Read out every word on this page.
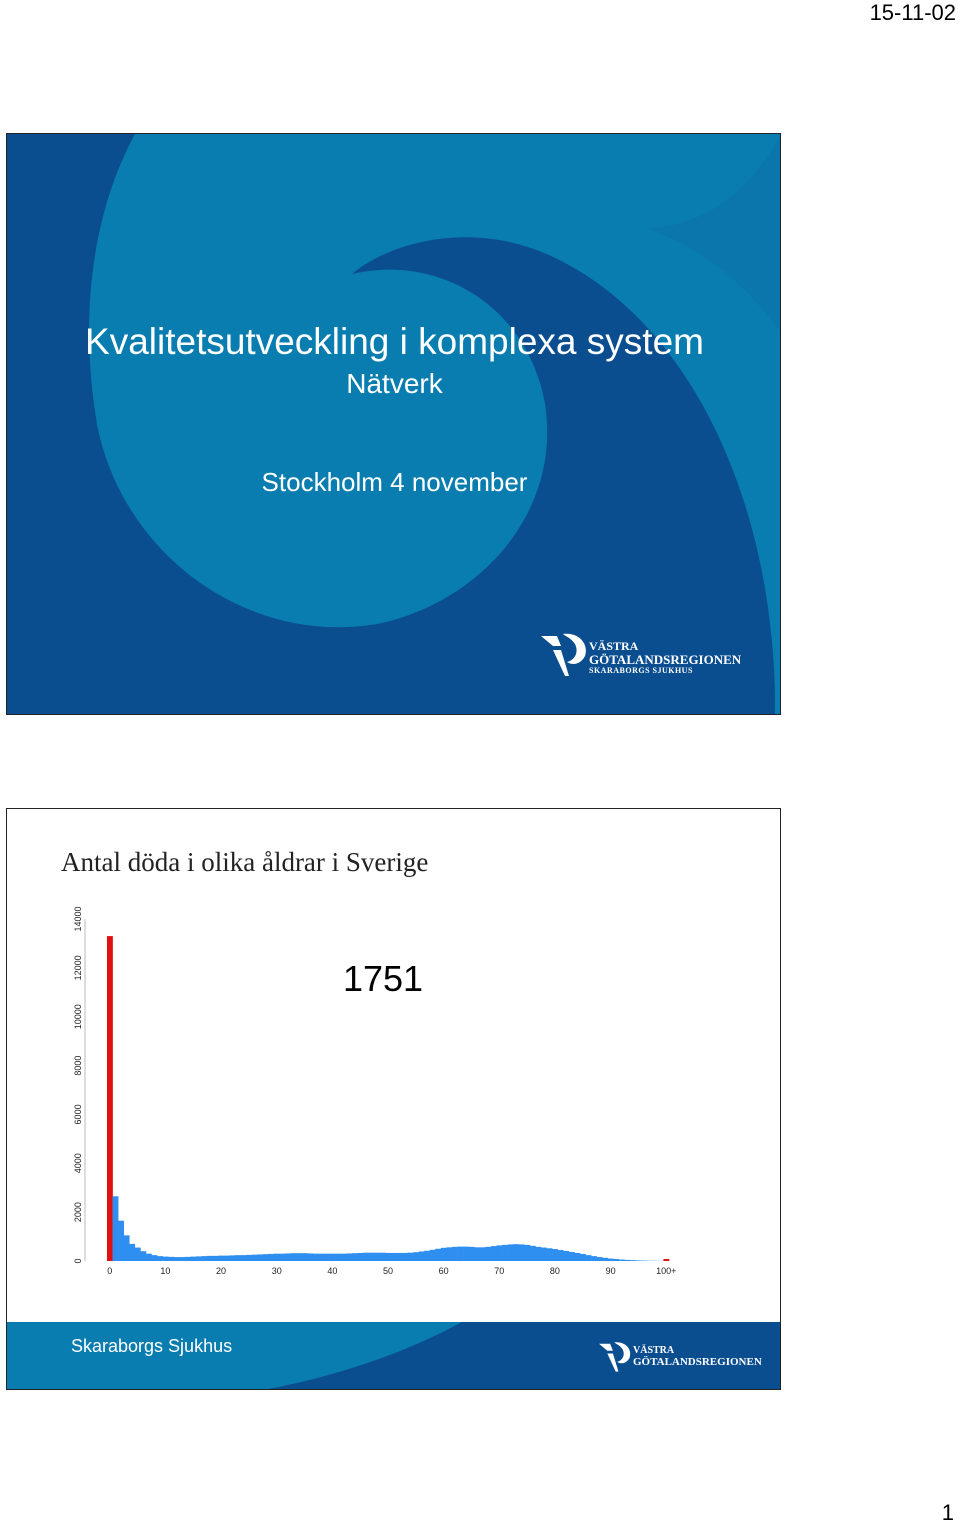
15-11-02
Kvalitetsutveckling i komplexa system
Nätverk
Stockholm 4 november
VÄSTRA
GÖTALANDSREGIONEN
SKARABORGS SJUKHUS
Antal döda i olika åldrar i Sverige
0
2000
4000
6000
8000
10000
12000
14000
0	10	20	30	40	50	60	70	80	90	100+
1751
Skaraborgs Sjukhus	VÄSTRA
GÖTALANDSREGIONEN
1
